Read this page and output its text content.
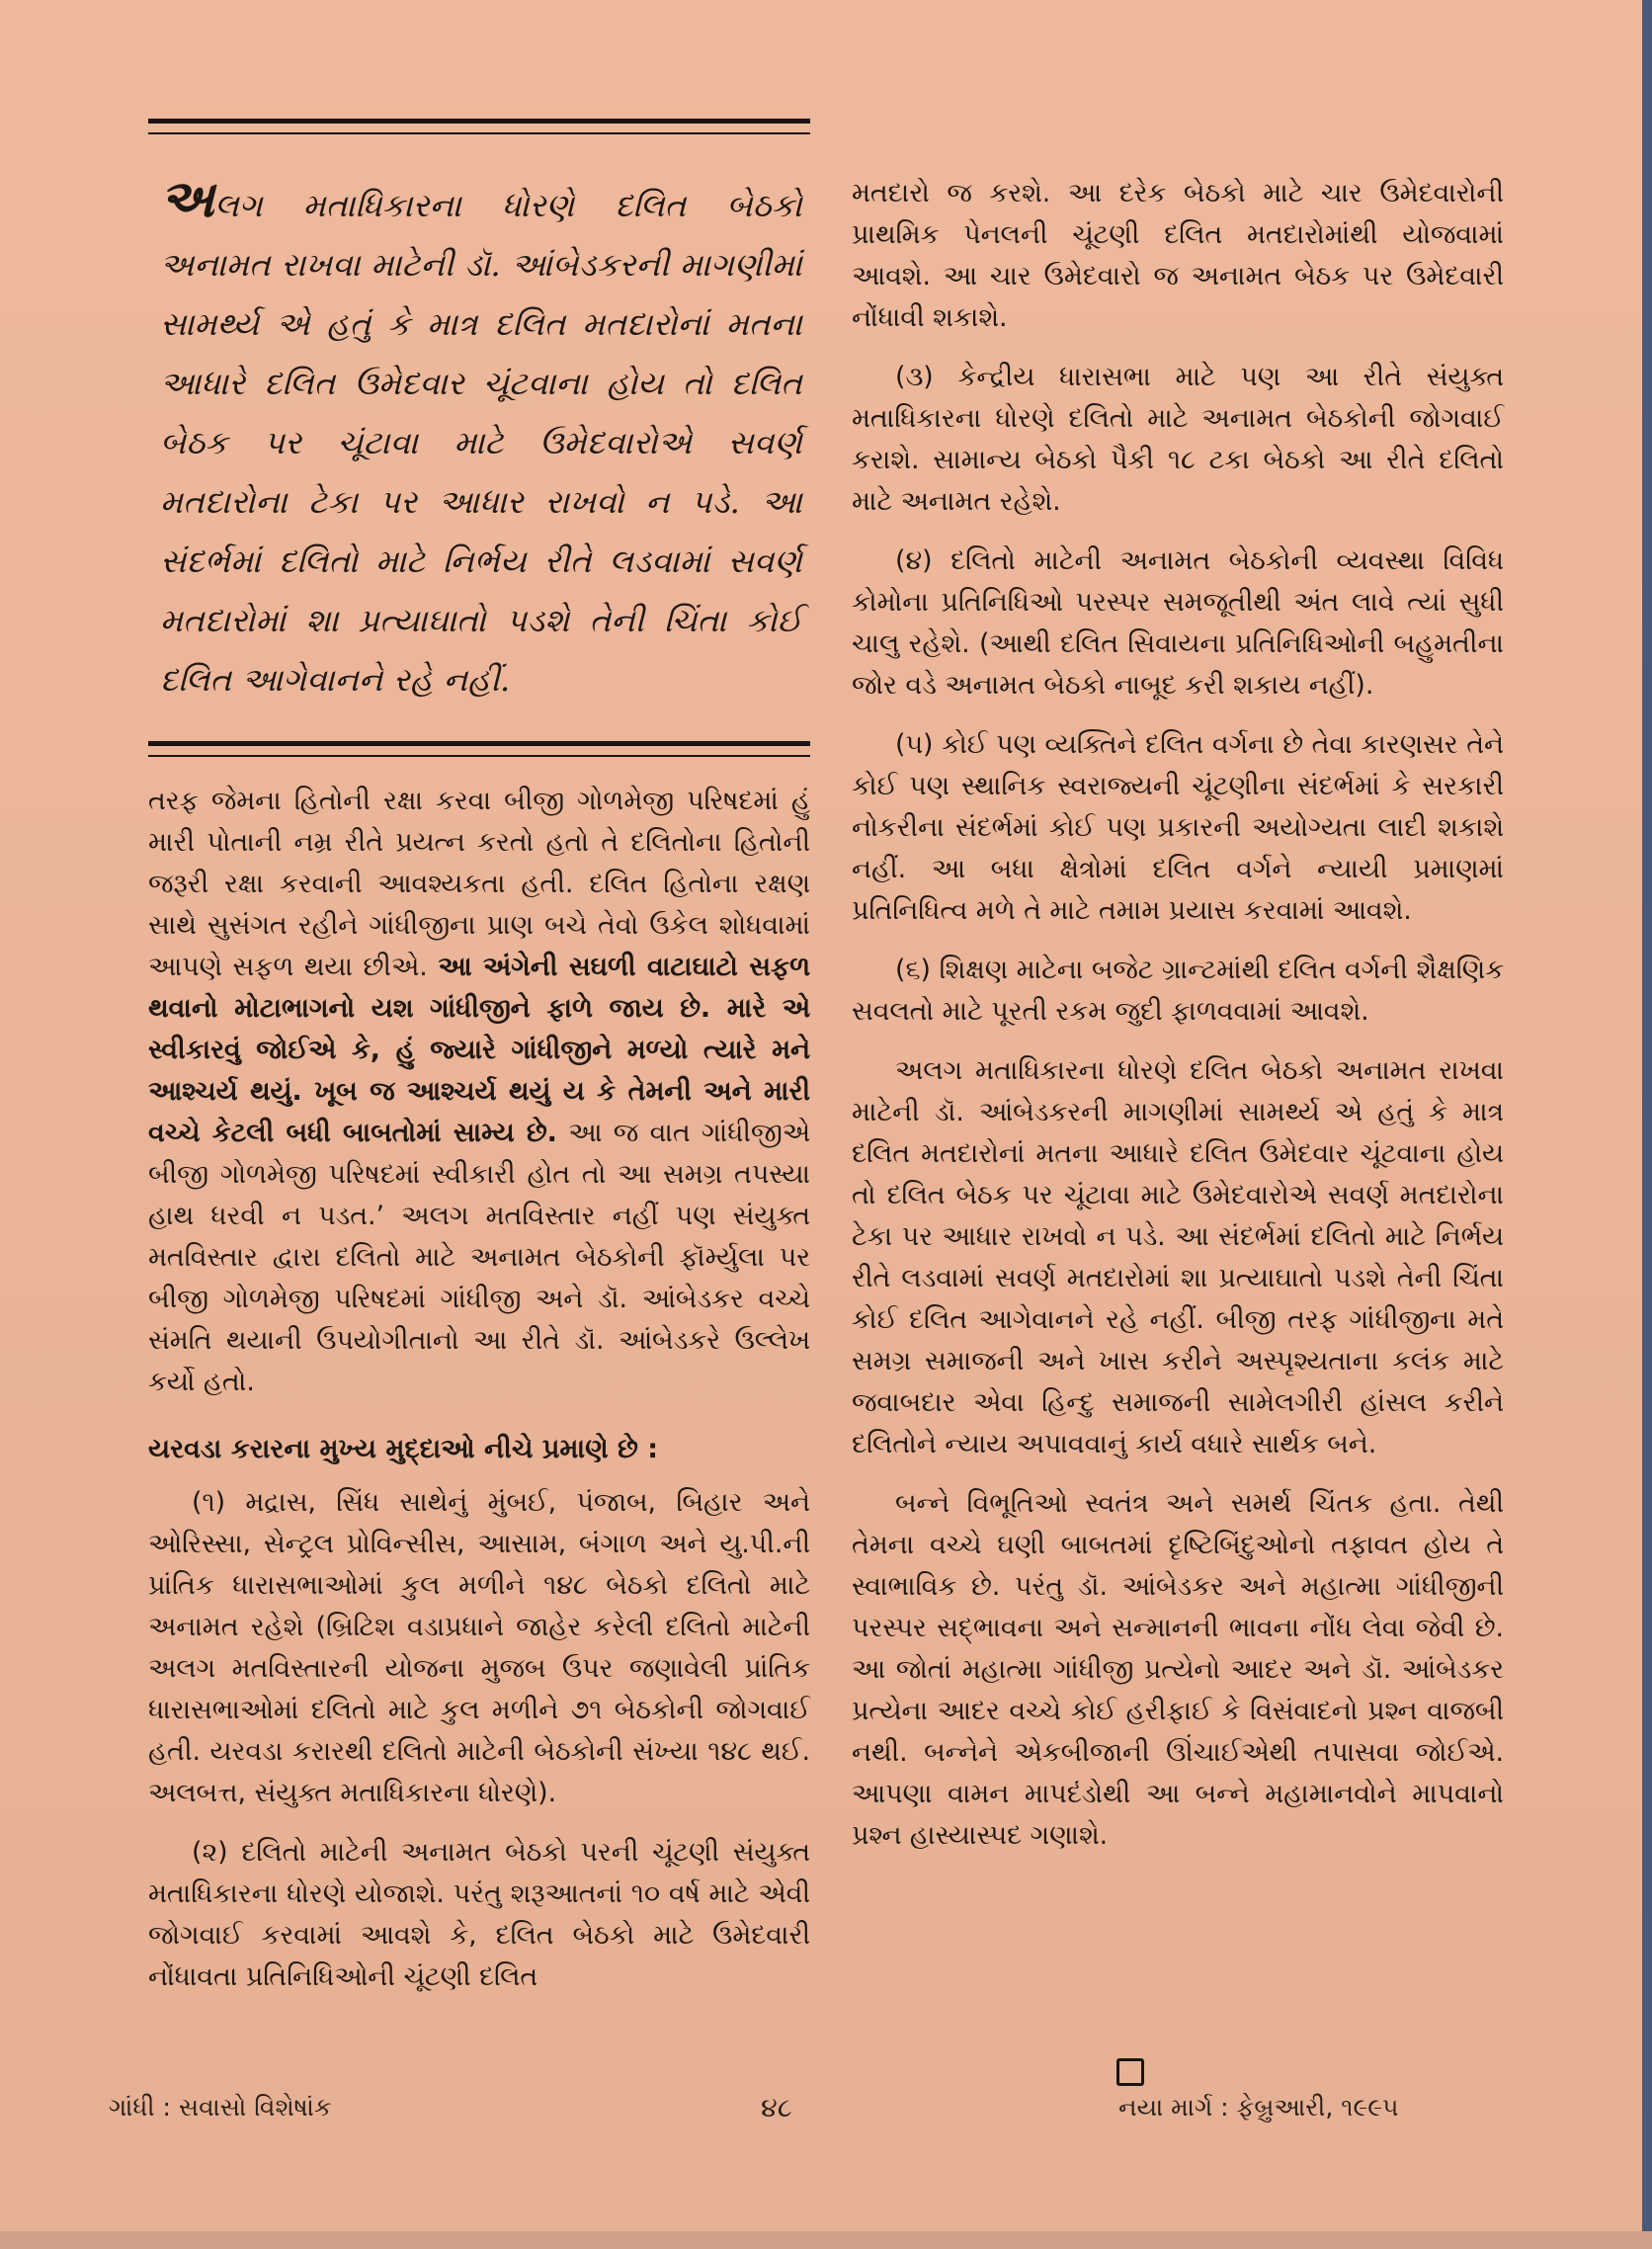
અલગ મતાધિકારના ધોરણે દલિત બેઠકો અનામત રાખવા માટેની ડૉ. આંબેડકરની માગણીમાં સામર્થ્ય એ હતું કે માત્ર દલિત મતદારોનાં મતના આધારે દલિત ઉમેદવાર ચૂંટવાના હોય તો દલિત બેઠક પર ચૂંટાવા માટે ઉમેદવારોએ સવર્ણ મતદારોના ટેકા પર આધાર રાખવો ન પડે. આ સંદર્ભમાં દલિતો માટે નિર્ભય રીતે લડવામાં સવર્ણ મતદારોમાં શા પ્રત્યાઘાતો પડશે તેની ચિંતા કોઈ દલિત આગેવાનને રહે નહીં.

તરફ જેમના હિતોની રક્ષા કરવા બીજી ગોળમેજી પરિષદમાં હું મારી પોતાની નમ્ર રીતે પ્રયત્ન કરતો હતો તે દલિતોના હિતોની જરૂરી રક્ષા કરવાની આવશ્યકતા હતી. દલિત હિતોના રક્ષણ સાથે સુસંગત રહીને ગાંધીજીના પ્રાણ બચે તેવો ઉકેલ શોધવામાં આપણે સફળ થયા છીએ. આ અંગેની સઘળી વાટાઘાટો સફળ થવાનો મોટાભાગનો યશ ગાંધીજીને ફાળે જાય છે. મારે એ સ્વીકારવું જોઈએ કે, હું જ્યારે ગાંધીજીને મળ્યો ત્યારે મને આશ્ચર્ય થયું. ખૂબ જ આશ્ચર્ય થયું ય કે તેમની અને મારી વચ્ચે કેટલી બધી બાબતોમાં સામ્ય છે. આ જ વાત ગાંધીજીએ બીજી ગોળમેજી પરિષદમાં સ્વીકારી હોત તો આ સમગ્ર તપસ્યા હાથ ધરવી ન પડત.’ અલગ મતવિસ્તાર નહીં પણ સંયુક્ત મતવિસ્તાર દ્વારા દલિતો માટે અનામત બેઠકોની ફૉર્મ્યુલા પર બીજી ગોળમેજી પરિષદમાં ગાંધીજી અને ડૉ. આંબેડકર વચ્ચે સંમતિ થયાની ઉપયોગીતાનો આ રીતે ડૉ. આંબેડકરે ઉલ્લેખ કર્યો હતો.

યરવડા કરારના મુખ્ય મુદ્દાઓ નીચે પ્રમાણે છે :

(૧) મદ્રાસ, સિંધ સાથેનું મુંબઈ, પંજાબ, બિહાર અને ઓરિસ્સા, સેન્ટ્રલ પ્રોવિન્સીસ, આસામ, બંગાળ અને યુ.પી.ની પ્રાંતિક ધારાસભાઓમાં કુલ મળીને ૧૪૮ બેઠકો દલિતો માટે અનામત રહેશે (બ્રિટિશ વડાપ્રધાને જાહેર કરેલી દલિતો માટેની અલગ મતવિસ્તારની યોજના મુજબ ઉપર જણાવેલી પ્રાંતિક ધારાસભાઓમાં દલિતો માટે કુલ મળીને ૭૧ બેઠકોની જોગવાઈ હતી. યરવડા કરારથી દલિતો માટેની બેઠકોની સંખ્યા ૧૪૮ થઈ. અલબત્ત, સંયુક્ત મતાધિકારના ધોરણે).

(૨) દલિતો માટેની અનામત બેઠકો પરની ચૂંટણી સંયુક્ત મતાધિકારના ધોરણે યોજાશે. પરંતુ શરૂઆતનાં ૧૦ વર્ષ માટે એવી જોગવાઈ કરવામાં આવશે કે, દલિત બેઠકો માટે ઉમેદવારી નોંધાવતા પ્રતિનિધિઓની ચૂંટણી દલિત

મતદારો જ કરશે. આ દરેક બેઠકો માટે ચાર ઉમેદવારોની પ્રાથમિક પેનલની ચૂંટણી દલિત મતદારોમાંથી યોજવામાં આવશે. આ ચાર ઉમેદવારો જ અનામત બેઠક પર ઉમેદવારી નોંધાવી શકાશે.

(૩) કેન્દ્રીય ધારાસભા માટે પણ આ રીતે સંયુક્ત મતાધિકારના ધોરણે દલિતો માટે અનામત બેઠકોની જોગવાઈ કરાશે. સામાન્ય બેઠકો પૈકી ૧૮ ટકા બેઠકો આ રીતે દલિતો માટે અનામત રહેશે.

(૪) દલિતો માટેની અનામત બેઠકોની વ્યવસ્થા વિવિધ કોમોના પ્રતિનિધિઓ પરસ્પર સમજૂતીથી અંત લાવે ત્યાં સુધી ચાલુ રહેશે. (આથી દલિત સિવાયના પ્રતિનિધિઓની બહુમતીના જોર વડે અનામત બેઠકો નાબૂદ કરી શકાય નહીં).

(૫) કોઈ પણ વ્યક્તિને દલિત વર્ગના છે તેવા કારણસર તેને કોઈ પણ સ્થાનિક સ્વરાજ્યની ચૂંટણીના સંદર્ભમાં કે સરકારી નોકરીના સંદર્ભમાં કોઈ પણ પ્રકારની અયોગ્યતા લાદી શકાશે નહીં. આ બધા ક્ષેત્રોમાં દલિત વર્ગને ન્યાયી પ્રમાણમાં પ્રતિનિધિત્વ મળે તે માટે તમામ પ્રયાસ કરવામાં આવશે.

(૬) શિક્ષણ માટેના બજેટ ગ્રાન્ટમાંથી દલિત વર્ગની શૈક્ષણિક સવલતો માટે પૂરતી રકમ જુદી ફાળવવામાં આવશે.

અલગ મતાધિકારના ધોરણે દલિત બેઠકો અનામત રાખવા માટેની ડૉ. આંબેડકરની માગણીમાં સામર્થ્ય એ હતું કે માત્ર દલિત મતદારોનાં મતના આધારે દલિત ઉમેદવાર ચૂંટવાના હોય તો દલિત બેઠક પર ચૂંટાવા માટે ઉમેદવારોએ સવર્ણ મતદારોના ટેકા પર આધાર રાખવો ન પડે. આ સંદર્ભમાં દલિતો માટે નિર્ભય રીતે લડવામાં સવર્ણ મતદારોમાં શા પ્રત્યાઘાતો પડશે તેની ચિંતા કોઈ દલિત આગેવાનને રહે નહીં. બીજી તરફ ગાંધીજીના મતે સમગ્ર સમાજની અને ખાસ કરીને અસ્પૃશ્યતાના કલંક માટે જવાબદાર એવા હિન્દુ સમાજની સામેલગીરી હાંસલ કરીને દલિતોને ન્યાય અપાવવાનું કાર્ય વધારે સાર્થક બને.

બન્ને વિભૂતિઓ સ્વતંત્ર અને સમર્થ ચિંતક હતા. તેથી તેમના વચ્ચે ઘણી બાબતમાં દૃષ્ટિબિંદુઓનો તફાવત હોય તે સ્વાભાવિક છે. પરંતુ ડૉ. આંબેડકર અને મહાત્મા ગાંધીજીની પરસ્પર સદ્‌ભાવના અને સન્માનની ભાવના નોંધ લેવા જેવી છે. આ જોતાં મહાત્મા ગાંધીજી પ્રત્યેનો આદર અને ડૉ. આંબેડકર પ્રત્યેના આદર વચ્ચે કોઈ હરીફાઈ કે વિસંવાદનો પ્રશ્ન વાજબી નથી. બન્નેને એકબીજાની ઊંચાઈએથી તપાસવા જોઈએ. આપણા વામન માપદંડોથી આ બન્ને મહામાનવોને માપવાનો પ્રશ્ન હાસ્યાસ્પદ ગણાશે.

ગાંધી : સવાસો વિશેષાંક	૪૮	નયા માર્ગ : ફેબ્રુઆરી, ૧૯૯૫
